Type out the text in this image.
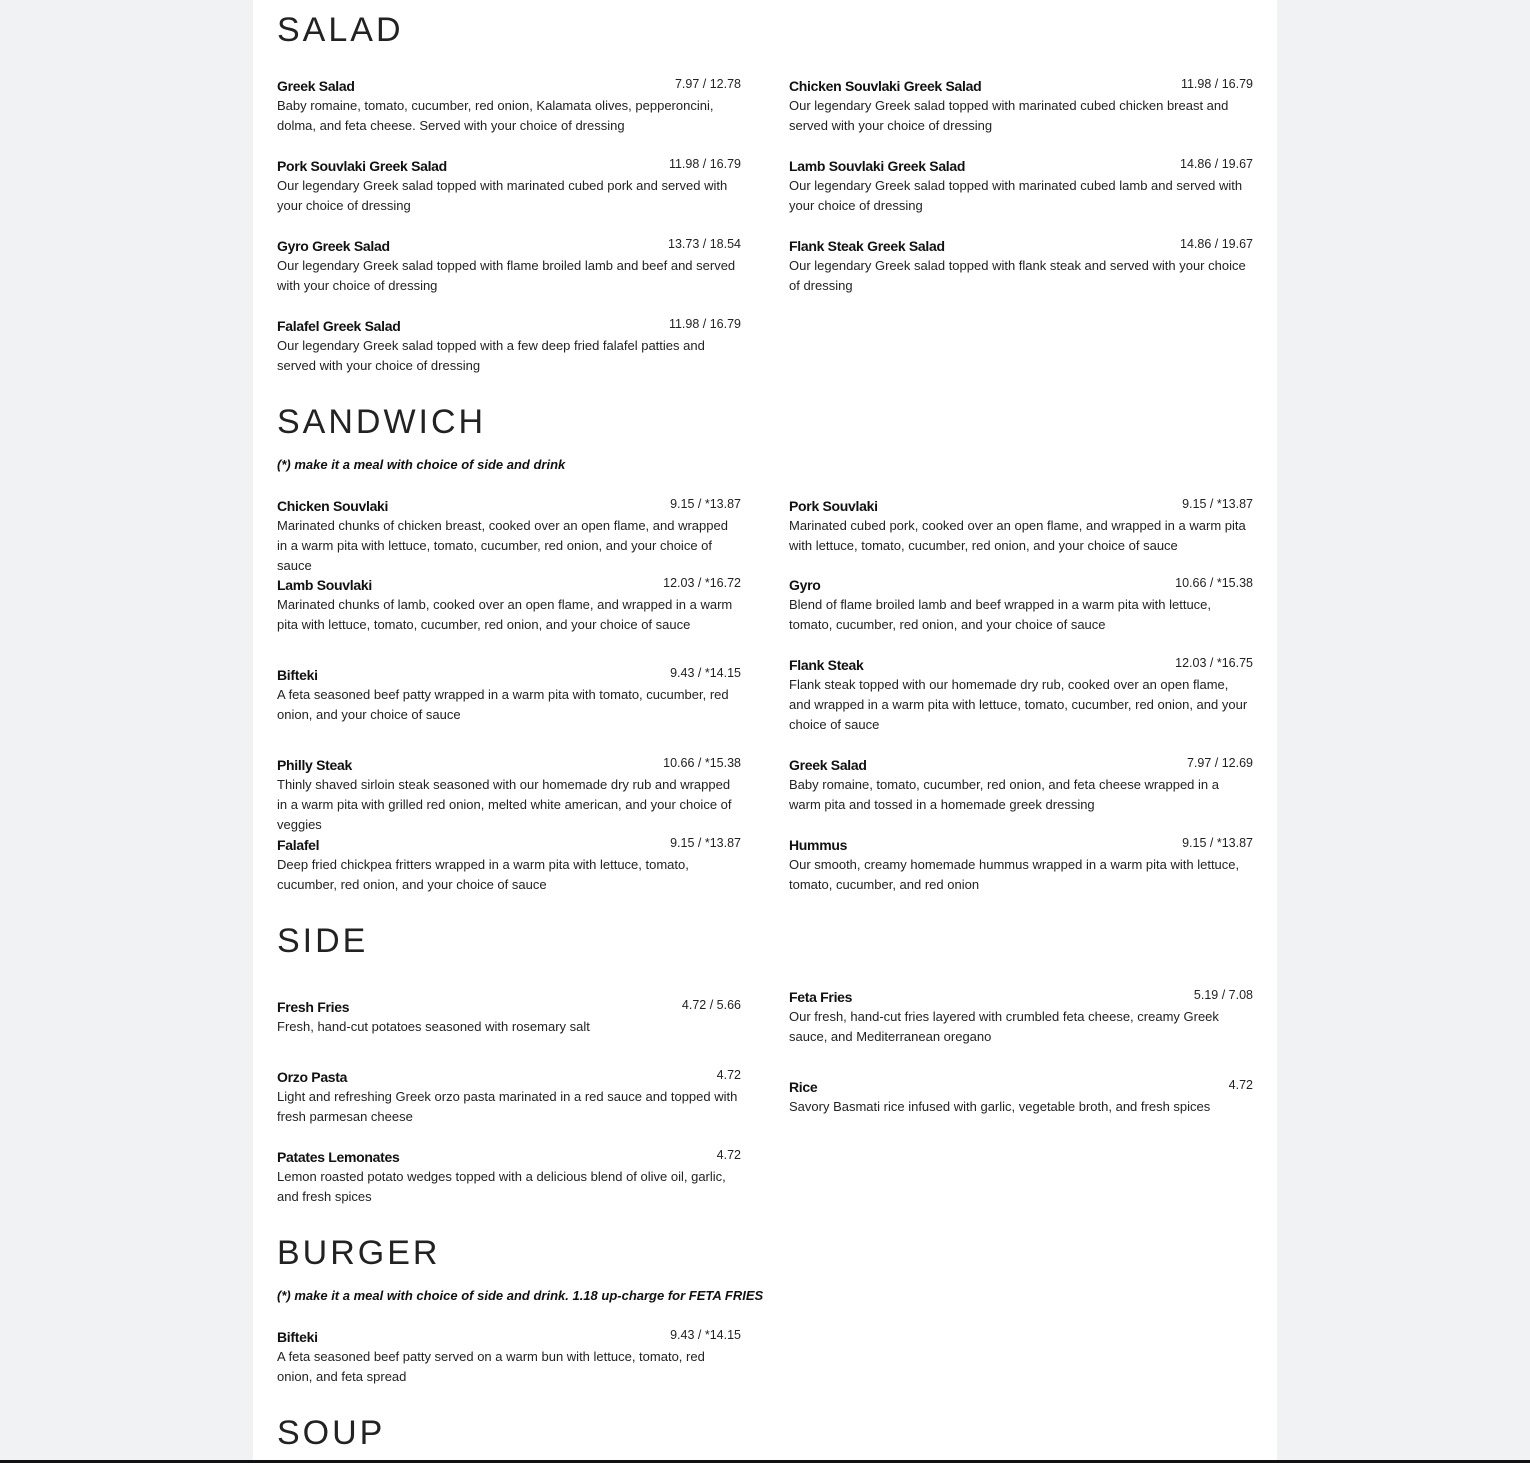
SALAD
Greek Salad	7.97 / 12.78

Baby romaine, tomato, cucumber, red onion, Kalamata olives, pepperoncini, dolma, and feta cheese. Served with your choice of dressing

Chicken Souvlaki Greek Salad	11.98 / 16.79

Our legendary Greek salad topped with marinated cubed chicken breast and served with your choice of dressing

Pork Souvlaki Greek Salad	11.98 / 16.79

Our legendary Greek salad topped with marinated cubed pork and served with your choice of dressing

Lamb Souvlaki Greek Salad	14.86 / 19.67

Our legendary Greek salad topped with marinated cubed lamb and served with your choice of dressing

Gyro Greek Salad	13.73 / 18.54

Our legendary Greek salad topped with flame broiled lamb and beef and served with your choice of dressing

Flank Steak Greek Salad	14.86 / 19.67

Our legendary Greek salad topped with flank steak and served with your choice of dressing

Falafel Greek Salad	11.98 / 16.79

Our legendary Greek salad topped with a few deep fried falafel patties and served with your choice of dressing

SANDWICH
(*) make it a meal with choice of side and drink
Chicken Souvlaki	9.15 / *13.87

Marinated chunks of chicken breast, cooked over an open flame, and wrapped in a warm pita with lettuce, tomato, cucumber, red onion, and your choice of sauce

Pork Souvlaki	9.15 / *13.87

Marinated cubed pork, cooked over an open flame, and wrapped in a warm pita with lettuce, tomato, cucumber, red onion, and your choice of sauce

Lamb Souvlaki	12.03 / *16.72

Marinated chunks of lamb, cooked over an open flame, and wrapped in a warm pita with lettuce, tomato, cucumber, red onion, and your choice of sauce

Gyro	10.66 / *15.38

Blend of flame broiled lamb and beef wrapped in a warm pita with lettuce, tomato, cucumber, red onion, and your choice of sauce

Bifteki	9.43 / *14.15

A feta seasoned beef patty wrapped in a warm pita with tomato, cucumber, red onion, and your choice of sauce

Flank Steak	12.03 / *16.75

Flank steak topped with our homemade dry rub, cooked over an open flame, and wrapped in a warm pita with lettuce, tomato, cucumber, red onion, and your choice of sauce

Philly Steak	10.66 / *15.38

Thinly shaved sirloin steak seasoned with our homemade dry rub and wrapped in a warm pita with grilled red onion, melted white american, and your choice of veggies

Greek Salad	7.97 / 12.69

Baby romaine, tomato, cucumber, red onion, and feta cheese wrapped in a warm pita and tossed in a homemade greek dressing

Falafel	9.15 / *13.87

Deep fried chickpea fritters wrapped in a warm pita with lettuce, tomato, cucumber, red onion, and your choice of sauce

Hummus	9.15 / *13.87

Our smooth, creamy homemade hummus wrapped in a warm pita with lettuce, tomato, cucumber, and red onion

SIDE
Fresh Fries	4.72 / 5.66

Fresh, hand-cut potatoes seasoned with rosemary salt

Feta Fries	5.19 / 7.08

Our fresh, hand-cut fries layered with crumbled feta cheese, creamy Greek sauce, and Mediterranean oregano

Orzo Pasta	4.72

Light and refreshing Greek orzo pasta marinated in a red sauce and topped with fresh parmesan cheese

Rice	4.72

Savory Basmati rice infused with garlic, vegetable broth, and fresh spices

Patates Lemonates	4.72

Lemon roasted potato wedges topped with a delicious blend of olive oil, garlic, and fresh spices

BURGER
(*) make it a meal with choice of side and drink. 1.18 up-charge for FETA FRIES
Bifteki	9.43 / *14.15

A feta seasoned beef patty served on a warm bun with lettuce, tomato, red onion, and feta spread

SOUP
